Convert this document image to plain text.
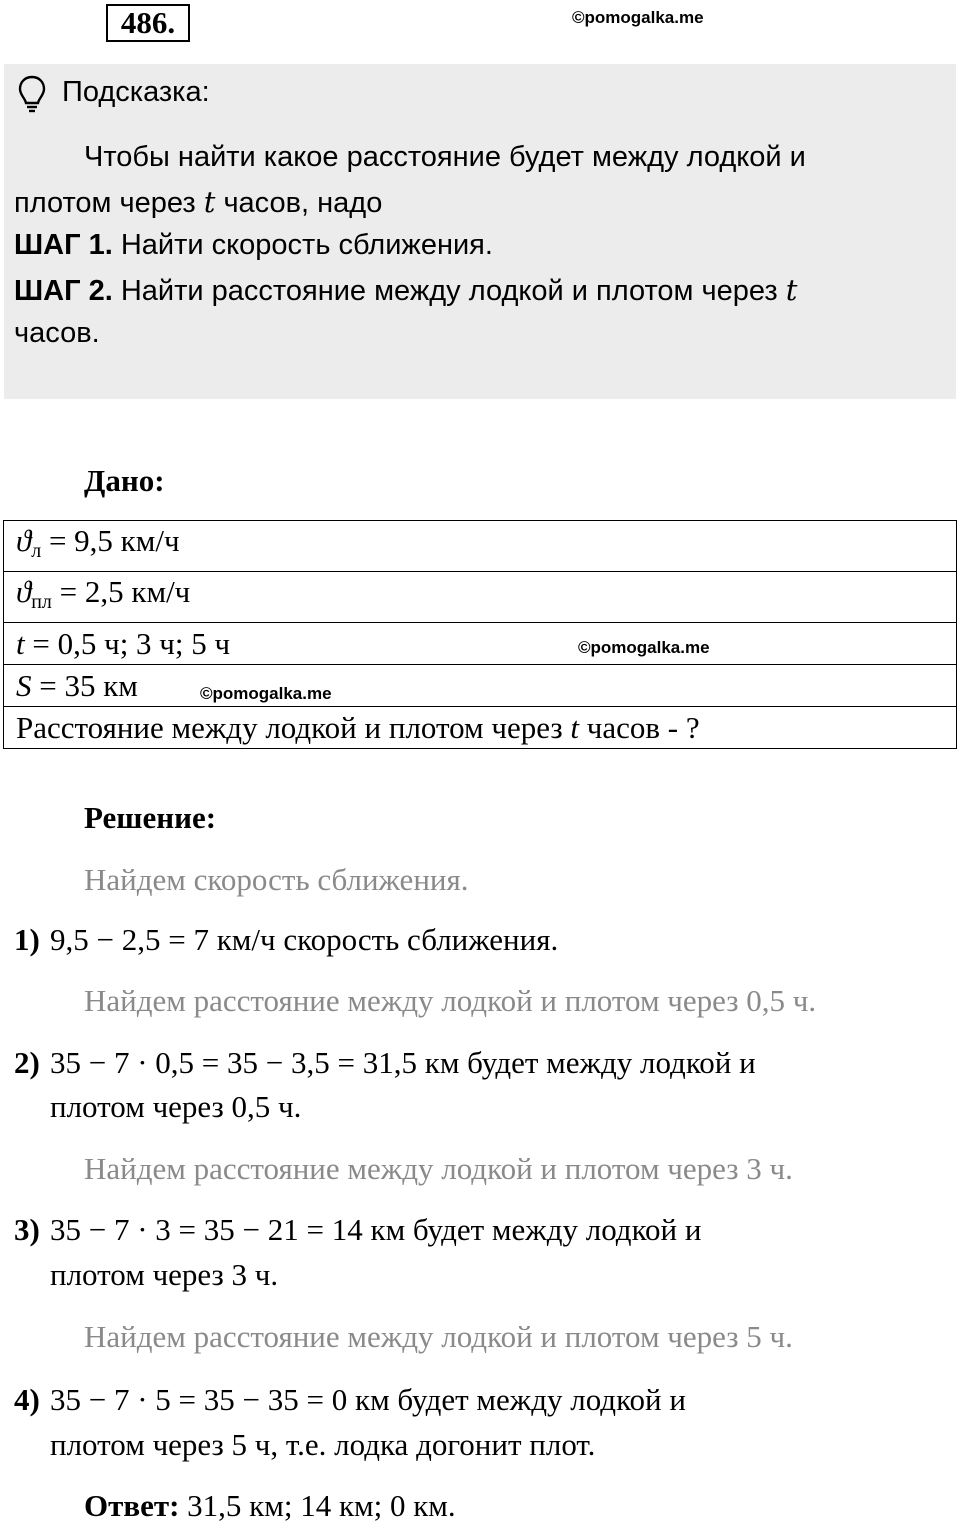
486.	©pomogalka.me
Подсказка:
Чтобы найти какое расстояние будет между лодкой и
плотом через t часов, надо
ШАГ 1. Найти скорость сближения.
ШАГ 2. Найти расстояние между лодкой и плотом через t
часов.
Дано:
$ϑ_л = 9,5$ км/ч
$ϑ_{пл} = 2,5$ км/ч
t = 0,5 ч; 3 ч; 5 ч
S = 35 км
Расстояние между лодкой и плотом через t часов - ?
©pomogalka.me
©pomogalka.me
Решение:
Найдем скорость сближения.
1) 9,5 − 2,5 = 7 км/ч скорость сближения.
Найдем расстояние между лодкой и плотом через 0,5 ч.
2) 35 − 7 · 0,5 = 35 − 3,5 = 31,5 км будет между лодкой и
плотом через 0,5 ч.
Найдем расстояние между лодкой и плотом через 3 ч.
3) 35 − 7 · 3 = 35 − 21 = 14 км будет между лодкой и
плотом через 3 ч.
Найдем расстояние между лодкой и плотом через 5 ч.
4) 35 − 7 · 5 = 35 − 35 = 0 км будет между лодкой и
плотом через 5 ч, т.е. лодка догонит плот.
Ответ: 31,5 км; 14 км; 0 км.
